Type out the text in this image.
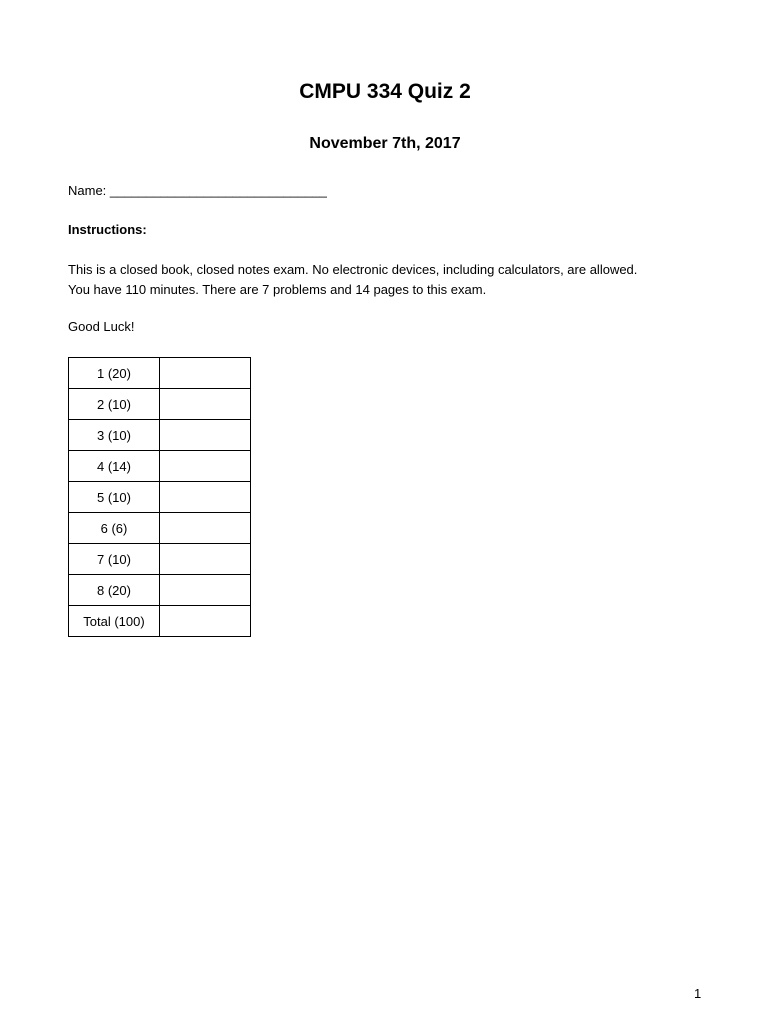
CMPU 334 Quiz 2
November 7th, 2017
Name: ______________________________
Instructions:

This is a closed book, closed notes exam. No electronic devices, including calculators, are allowed.
You have 110 minutes. There are 7 problems and 14 pages to this exam.

Good Luck!

1 (20)	
2 (10)	
3 (10)	
4 (14)	
5 (10)	
6 (6)	
7 (10)	
8 (20)	
Total (100)	
1
